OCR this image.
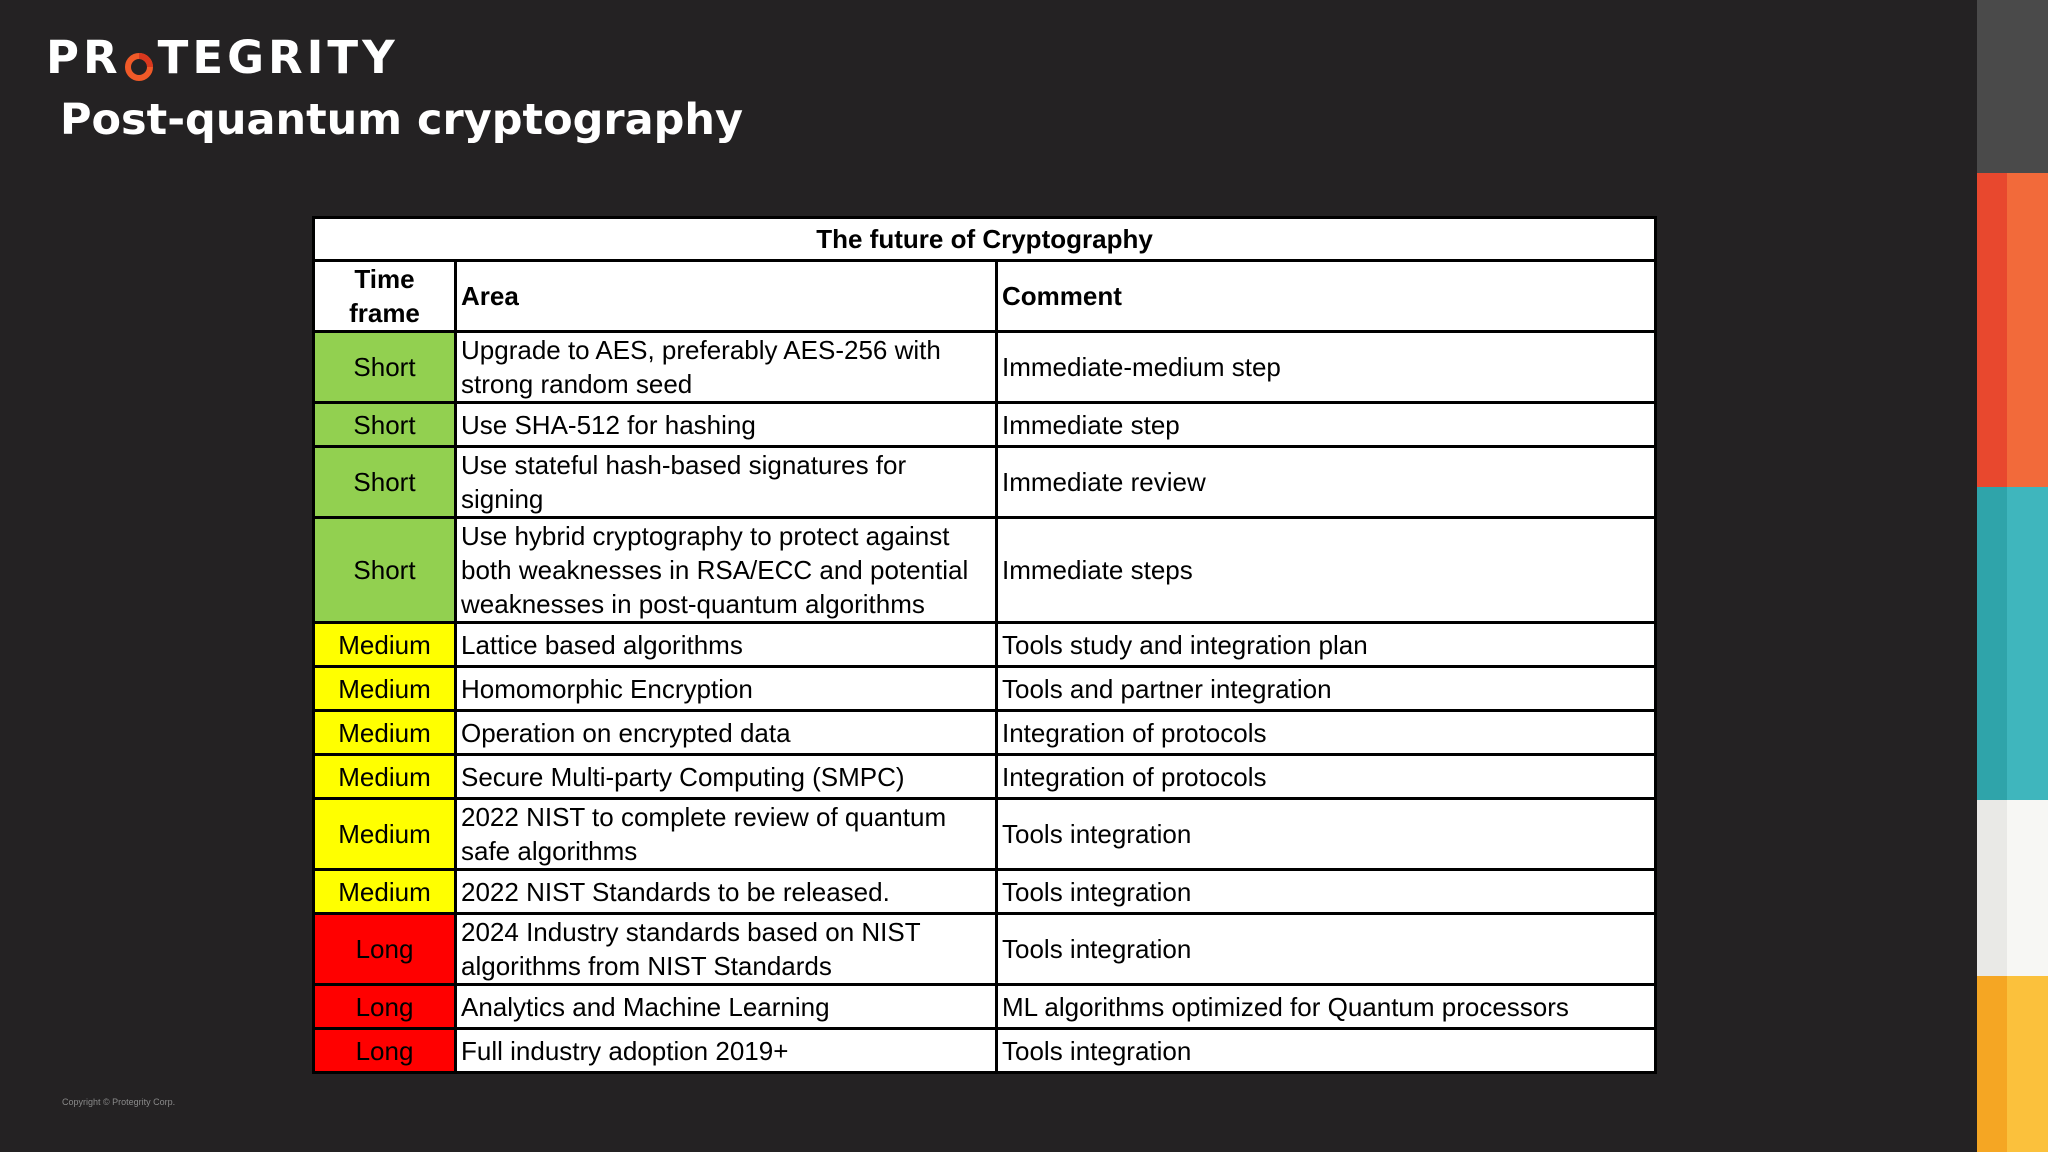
PR TEGRITY
Post-quantum cryptography
The future of Cryptography		
Time frame	Area	Comment
Short	Upgrade to AES, preferably AES-256 with strong random seed	Immediate-medium step
Short	Use SHA-512 for hashing	Immediate step
Short	Use stateful hash-based signatures for signing	Immediate review
Short	Use hybrid cryptography to protect against both weaknesses in RSA/ECC and potential weaknesses in post-quantum algorithms	Immediate steps
Medium	Lattice based algorithms	Tools study and integration plan
Medium	Homomorphic Encryption	Tools and partner integration
Medium	Operation on encrypted data	Integration of protocols
Medium	Secure Multi-party Computing (SMPC)	Integration of protocols
Medium	2022 NIST to complete review of quantum safe algorithms	Tools integration
Medium	2022 NIST Standards to be released.	Tools integration
Long	2024 Industry standards based on NIST algorithms from NIST Standards	Tools integration
Long	Analytics and Machine Learning	ML algorithms optimized for Quantum processors
Long	Full industry adoption 2019+	Tools integration
Copyright © Protegrity Corp.
